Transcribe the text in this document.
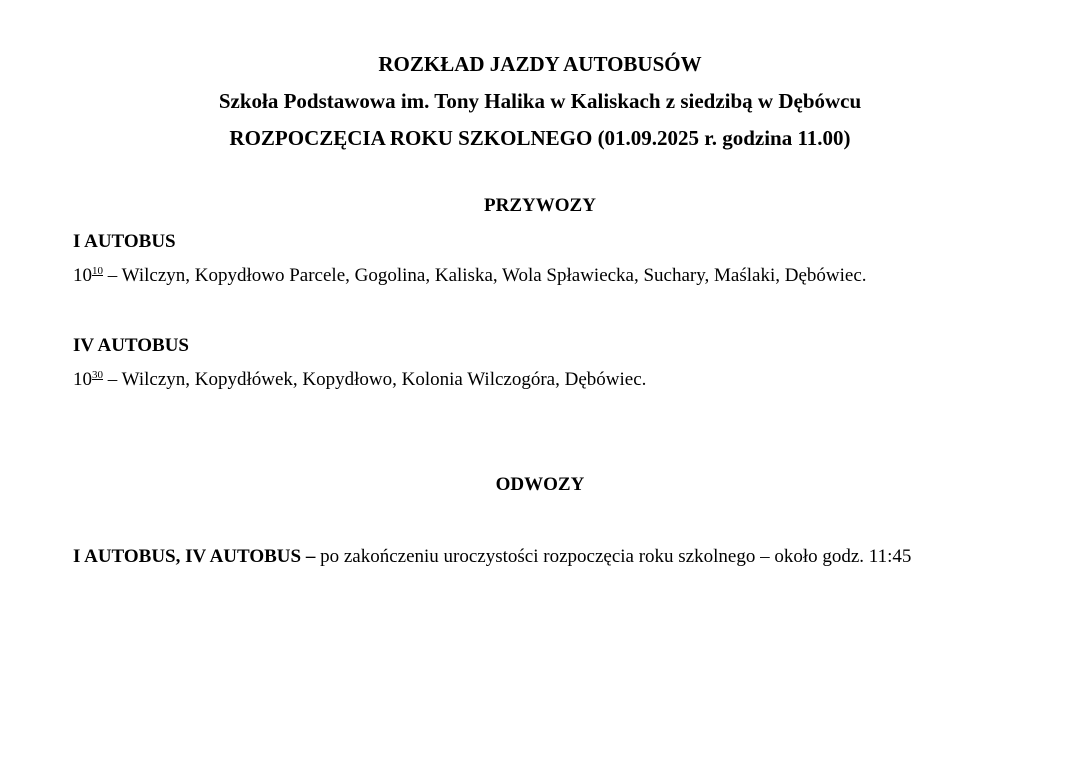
ROZKŁAD JAZDY AUTOBUSÓW
Szkoła Podstawowa im. Tony Halika w Kaliskach z siedzibą w Dębówcu
ROZPOCZĘCIA ROKU SZKOLNEGO (01.09.2025 r. godzina 11.00)
PRZYWOZY
I AUTOBUS
$10^{10}$ – Wilczyn, Kopydłowo Parcele, Gogolina, Kaliska, Wola Spławiecka, Suchary, Maślaki, Dębówiec.
IV AUTOBUS
$10^{30}$ – Wilczyn, Kopydłówek, Kopydłowo, Kolonia Wilczogóra, Dębówiec.
ODWOZY
I AUTOBUS, IV AUTOBUS – po zakończeniu uroczystości rozpoczęcia roku szkolnego – około godz. 11:45
